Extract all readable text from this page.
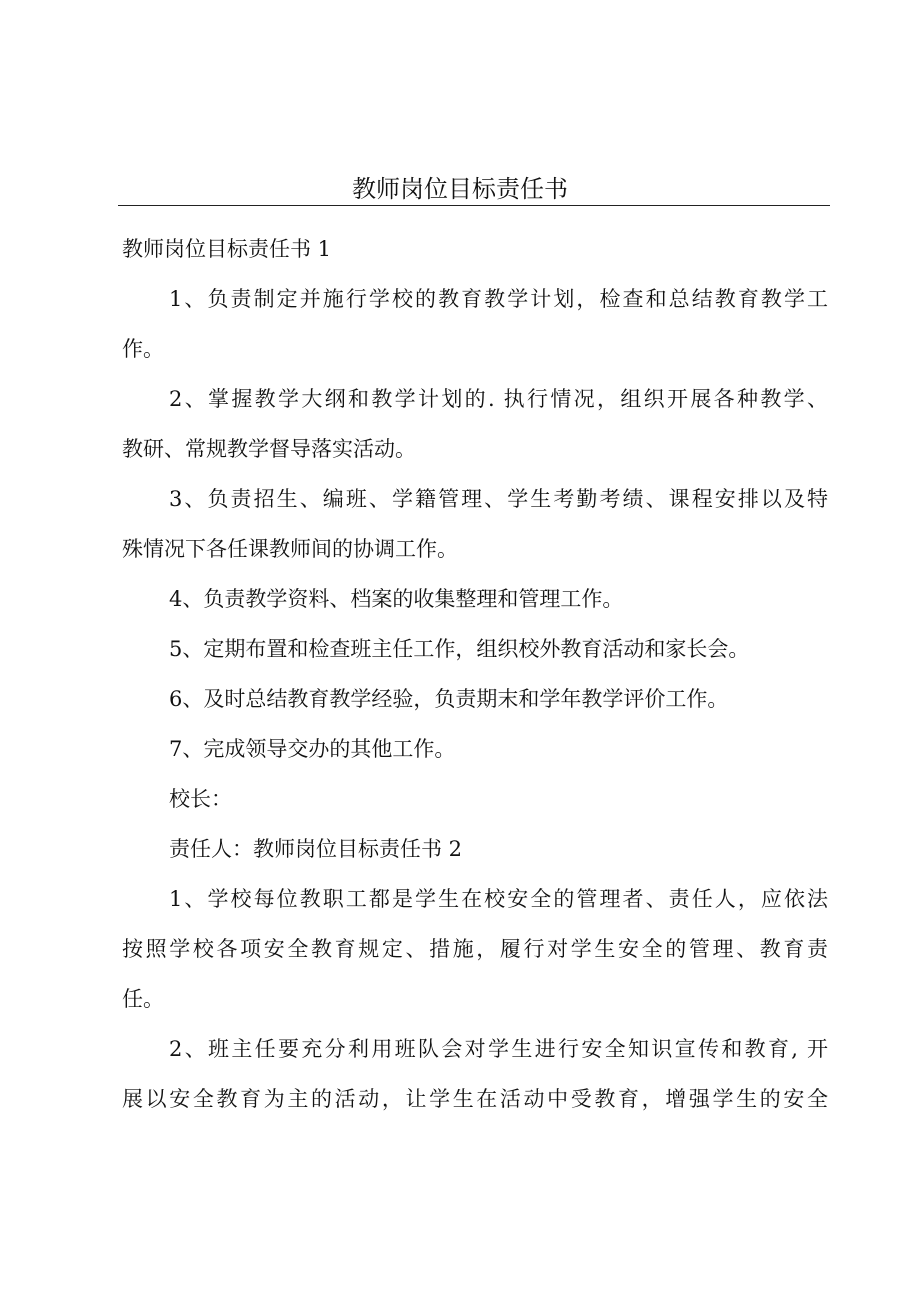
教师岗位目标责任书
教师岗位目标责任书 1
1、负责制定并施行学校的教育教学计划，检查和总结教育教学工
作。
2、掌握教学大纲和教学计划的. 执行情况，组织开展各种教学、
教研、常规教学督导落实活动。
3、负责招生、编班、学籍管理、学生考勤考绩、课程安排以及特
殊情况下各任课教师间的协调工作。
4、负责教学资料、档案的收集整理和管理工作。
5、定期布置和检查班主任工作，组织校外教育活动和家长会。
6、及时总结教育教学经验，负责期末和学年教学评价工作。
7、完成领导交办的其他工作。
校长：
责任人：教师岗位目标责任书 2
1、学校每位教职工都是学生在校安全的管理者、责任人，应依法
按照学校各项安全教育规定、措施，履行对学生安全的管理、教育责
任。
2、班主任要充分利用班队会对学生进行安全知识宣传和教育, 开
展以安全教育为主的活动，让学生在活动中受教育，增强学生的安全
